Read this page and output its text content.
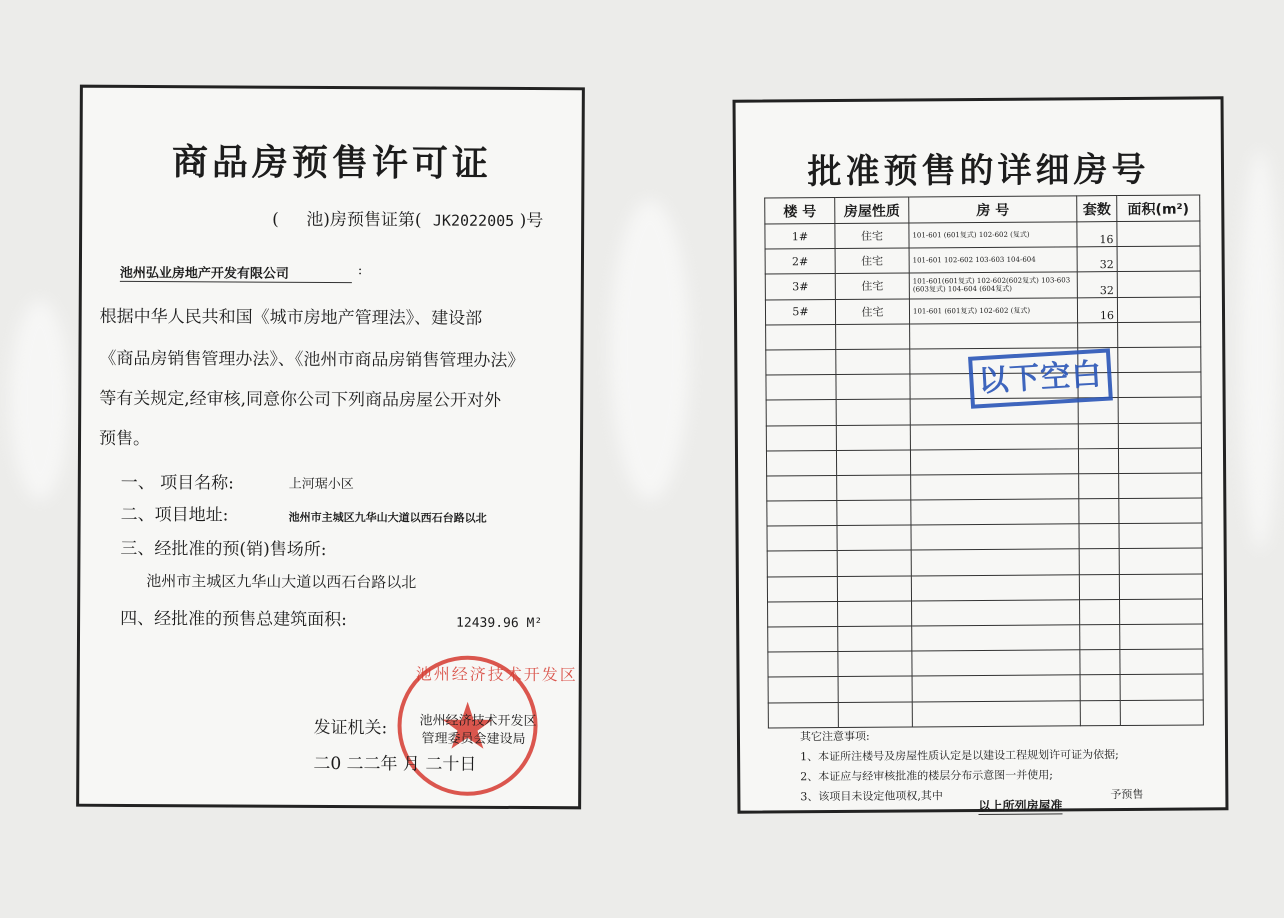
商品房预售许可证
( 池)房预售证第( JK2022005 )号
池州弘业房地产开发有限公司	:
根据中华人民共和国《城市房地产管理法》、建设部
《商品房销售管理办法》、《池州市商品房销售管理办法》
等有关规定,经审核,同意你公司下列商品房屋公开对外
预售。
一、 项目名称:	上河琚小区
二、项目地址:	池州市主城区九华山大道以西石台路以北
三、经批准的预(销)售场所:
池州市主城区九华山大道以西石台路以北
四、经批准的预售总建筑面积:	12439.96 M²
池州经济技术开发区
发证机关: 池州经济技术开发区
管理委员会建设局
二0 二二年 月 二十日
批准预售的详细房号
楼 号	房屋性质	房 号	套数	面积(m²)
1#	住宅	101-601 (601复式) 102-602 (复式)	16	
2#	住宅	101-601 102-602 103-603 104-604	32	
3#	住宅	101-601(601复式) 102-602(602复式) 103-603 (603复式) 104-604 (604复式)	32	
5#	住宅	101-601 (601复式) 102-602 (复式)	16	

以下空白
其它注意事项:
1、本证所注楼号及房屋性质认定是以建设工程规划许可证为依据;
2、本证应与经审核批准的楼层分布示意图一并使用;
3、该项目未设定他项权,其中
以上所列房屋准
予预售
